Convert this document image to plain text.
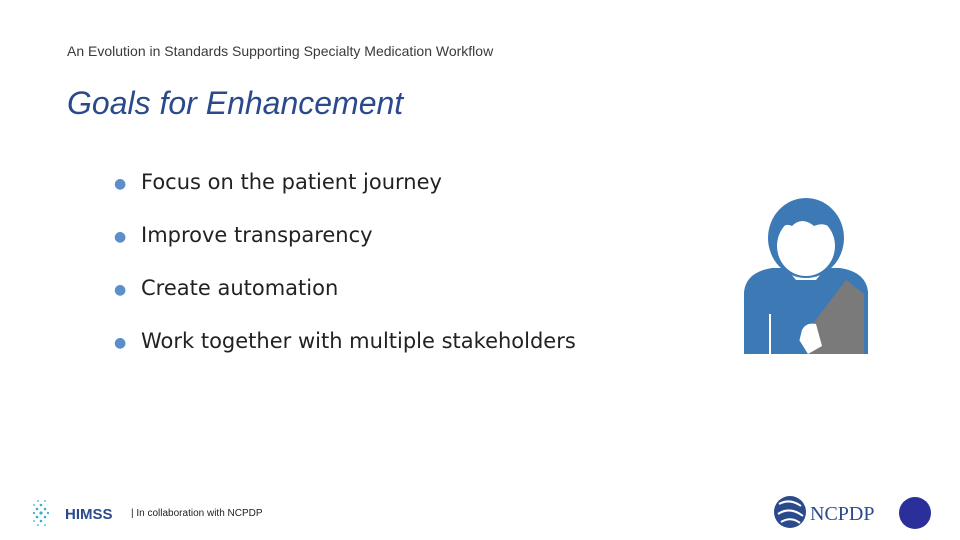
An Evolution in Standards Supporting Specialty Medication Workflow
Goals for Enhancement
● Focus on the patient journey
● Improve transparency
● Create automation
● Work together with multiple stakeholders
HIMSS | In collaboration with NCPDP	NCPDP
